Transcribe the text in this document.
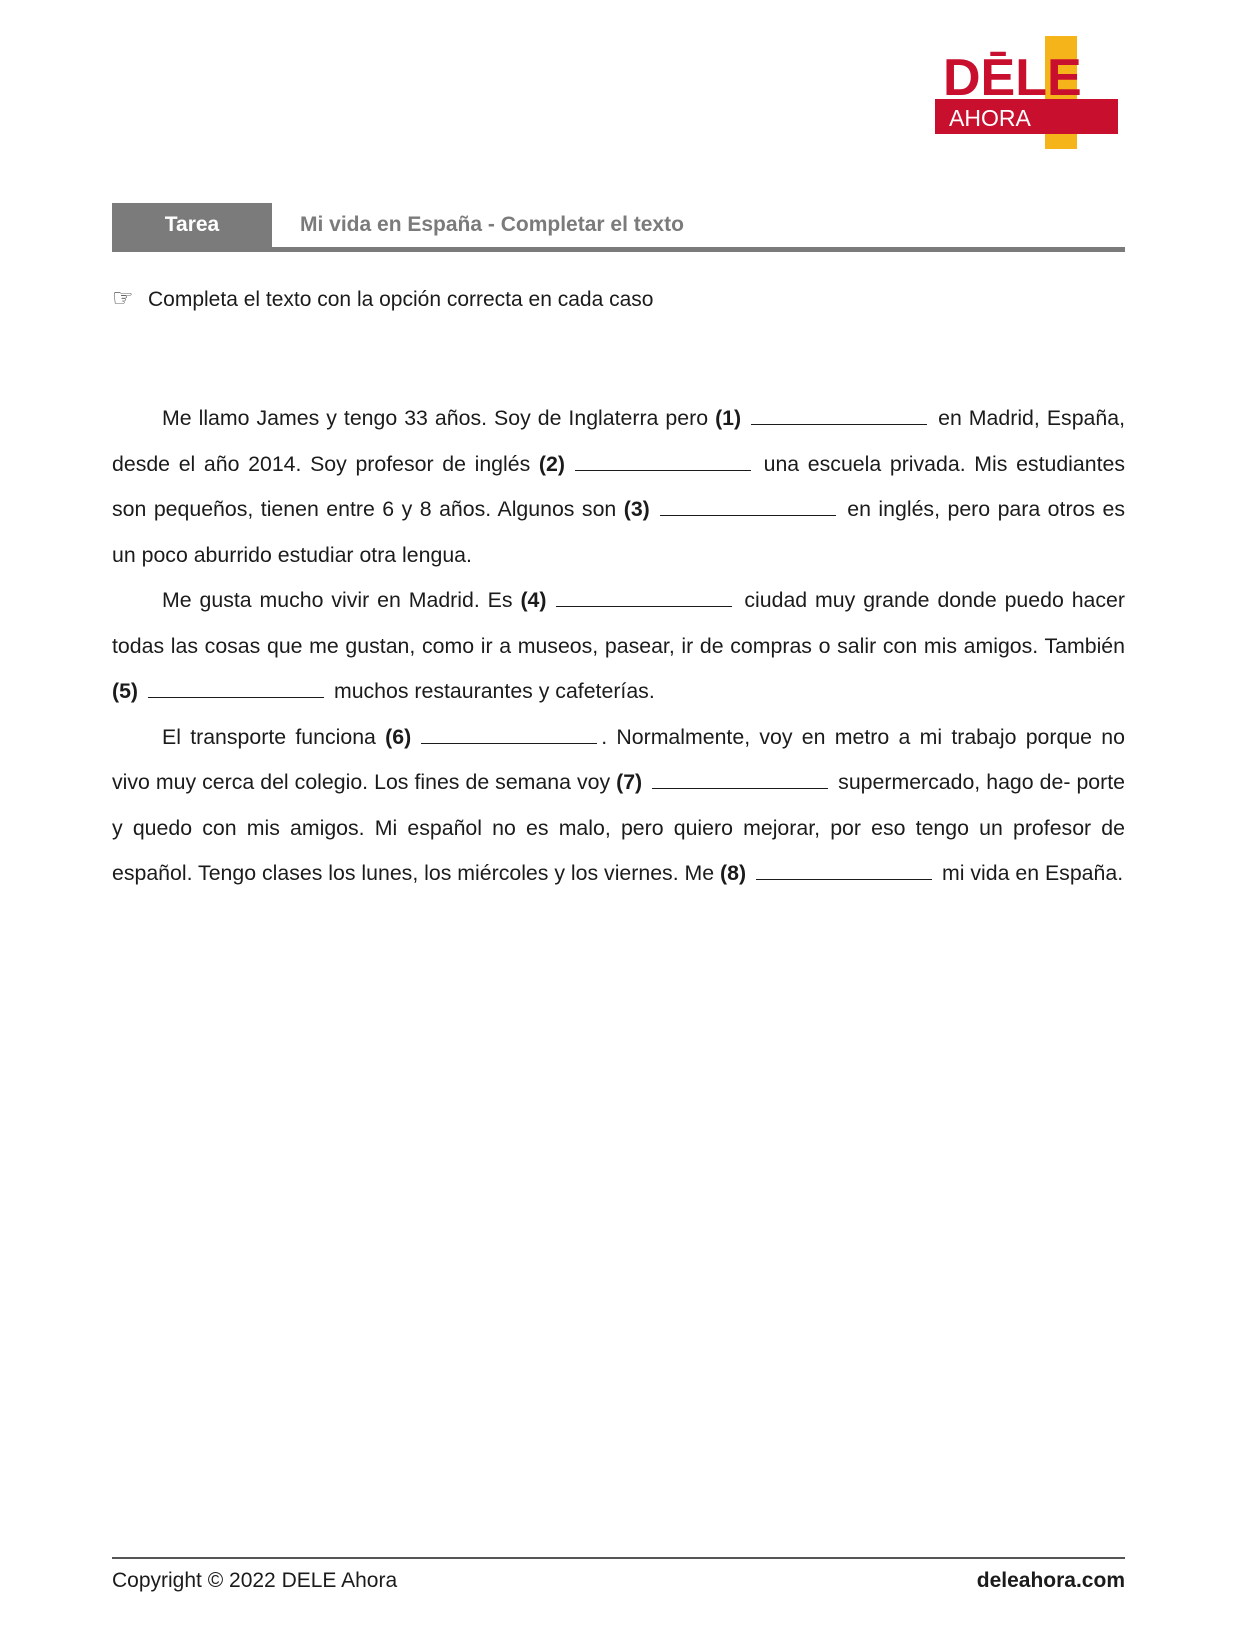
DĒLE
AHORA
Tarea	Mi vida en España - Completar el texto
☞ Completa el texto con la opción correcta en cada caso

Me llamo James y tengo 33 años. Soy de Inglaterra pero (1)	en Madrid, España, desde el año 2014. Soy profesor de inglés (2)	una escuela privada. Mis estudiantes son pequeños, tienen entre 6 y 8 años. Algunos son (3)	en inglés, pero para otros es un poco aburrido estudiar otra lengua.

Me gusta mucho vivir en Madrid. Es (4)	ciudad muy grande donde puedo hacer todas las cosas que me gustan, como ir a museos, pasear, ir de compras o salir con mis amigos. También (5)	muchos restaurantes y cafeterías.

El transporte funciona (6)	. Normalmente, voy en metro a mi trabajo porque no vivo muy cerca del colegio. Los fines de semana voy (7)	supermercado, hago de- porte y quedo con mis amigos. Mi español no es malo, pero quiero mejorar, por eso tengo un profesor de español. Tengo clases los lunes, los miércoles y los viernes. Me (8)	mi vida en España.

Copyright © 2022 DELE Ahora	deleahora.com
